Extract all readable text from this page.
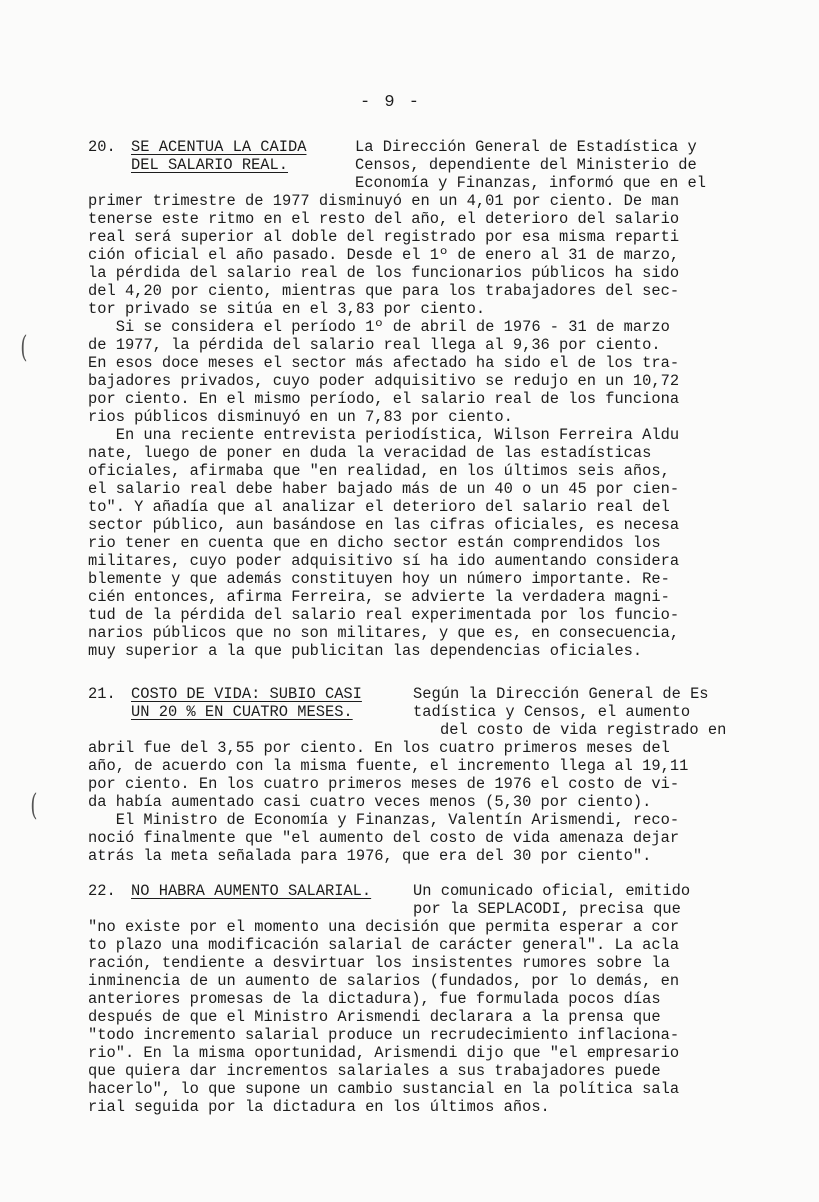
- 9 -
(
(
20. SE ACENTUA LA CAIDA
DEL SALARIO REAL.
La Dirección General de Estadística y
Censos, dependiente del Ministerio de
Economía y Finanzas, informó que en el
primer trimestre de 1977 disminuyó en un 4,01 por ciento. De man
tenerse este ritmo en el resto del año, el deterioro del salario
real será superior al doble del registrado por esa misma reparti
ción oficial el año pasado. Desde el 1º de enero al 31 de marzo,
la pérdida del salario real de los funcionarios públicos ha sido
del 4,20 por ciento, mientras que para los trabajadores del sec-
tor privado se sitúa en el 3,83 por ciento.
Si se considera el período 1º de abril de 1976 - 31 de marzo
de 1977, la pérdida del salario real llega al 9,36 por ciento.
En esos doce meses el sector más afectado ha sido el de los tra-
bajadores privados, cuyo poder adquisitivo se redujo en un 10,72
por ciento. En el mismo período, el salario real de los funciona
rios públicos disminuyó en un 7,83 por ciento.
En una reciente entrevista periodística, Wilson Ferreira Aldu
nate, luego de poner en duda la veracidad de las estadísticas
oficiales, afirmaba que "en realidad, en los últimos seis años,
el salario real debe haber bajado más de un 40 o un 45 por cien-
to". Y añadía que al analizar el deterioro del salario real del
sector público, aun basándose en las cifras oficiales, es necesa
rio tener en cuenta que en dicho sector están comprendidos los
militares, cuyo poder adquisitivo sí ha ido aumentando considera
blemente y que además constituyen hoy un número importante. Re-
cién entonces, afirma Ferreira, se advierte la verdadera magni-
tud de la pérdida del salario real experimentada por los funcio-
narios públicos que no son militares, y que es, en consecuencia,
muy superior a la que publicitan las dependencias oficiales.
21. COSTO DE VIDA: SUBIO CASI
UN 20 % EN CUATRO MESES.
Según la Dirección General de Es
tadística y Censos, el aumento
del costo de vida registrado en
abril fue del 3,55 por ciento. En los cuatro primeros meses del
año, de acuerdo con la misma fuente, el incremento llega al 19,11
por ciento. En los cuatro primeros meses de 1976 el costo de vi-
da había aumentado casi cuatro veces menos (5,30 por ciento).
El Ministro de Economía y Finanzas, Valentín Arismendi, reco-
noció finalmente que "el aumento del costo de vida amenaza dejar
atrás la meta señalada para 1976, que era del 30 por ciento".
22. NO HABRA AUMENTO SALARIAL.	Un comunicado oficial, emitido
por la SEPLACODI, precisa que
"no existe por el momento una decisión que permita esperar a cor
to plazo una modificación salarial de carácter general". La acla
ración, tendiente a desvirtuar los insistentes rumores sobre la
inminencia de un aumento de salarios (fundados, por lo demás, en
anteriores promesas de la dictadura), fue formulada pocos días
después de que el Ministro Arismendi declarara a la prensa que
"todo incremento salarial produce un recrudecimiento inflaciona-
rio". En la misma oportunidad, Arismendi dijo que "el empresario
que quiera dar incrementos salariales a sus trabajadores puede
hacerlo", lo que supone un cambio sustancial en la política sala
rial seguida por la dictadura en los últimos años.
